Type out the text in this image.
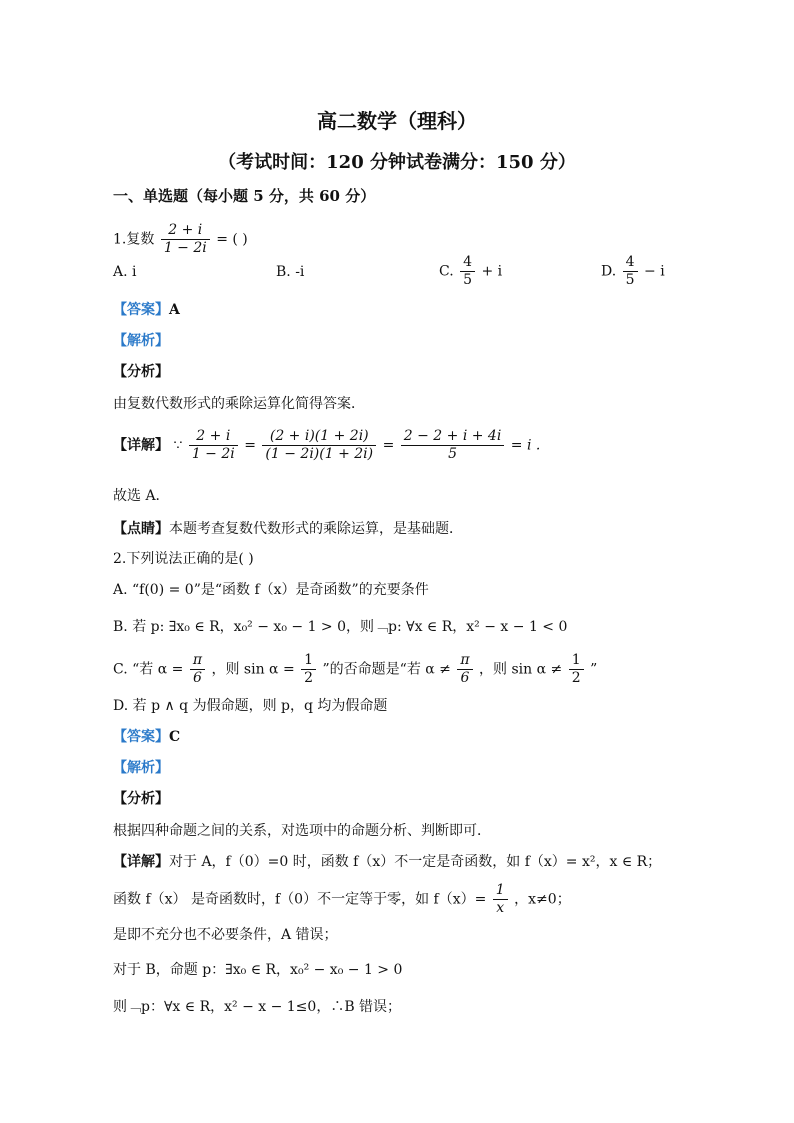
高二数学（理科）
（考试时间：120 分钟试卷满分：150 分）
一、单选题（每小题 5 分，共 60 分）
1.复数 $\frac{2 + i}{1 - 2i}$ = ( )
A. i	B. -i	C. $\frac{4}{5} + i$	D. $\frac{4}{5} - i$
【答案】A
【解析】
【分析】
由复数代数形式的乘除运算化简得答案．
【详解】 ∵ $\frac{2 + i}{1 - 2i} = \frac{(2 + i)(1 + 2i)}{(1 - 2i)(1 + 2i)} = \frac{2 - 2 + i + 4i}{5} = i$ .
故选 A．
【点睛】本题考查复数代数形式的乘除运算，是基础题．
2.下列说法正确的是( )
A. “f(0) = 0”是“函数 f（x）是奇函数”的充要条件
B. 若 p: ∃x₀ ∈ R，x₀² − x₀ − 1 > 0，则﹁p: ∀x ∈ R，x² − x − 1 < 0
C. “若 $\alpha = \frac{\pi}{6}$ ，则 $\sin \alpha = \frac{1}{2}$ ”的否命题是“若 $\alpha \ne \frac{\pi}{6}$ ，则 $\sin \alpha \ne \frac{1}{2}$ ”
D. 若 p ∧ q 为假命题，则 p，q 均为假命题
【答案】C
【解析】
【分析】
根据四种命题之间的关系，对选项中的命题分析、判断即可．
【详解】对于 A，f（0）=0 时，函数 f（x）不一定是奇函数，如 f（x）= x²，x ∈ R；
函数 f（x） 是奇函数时，f（0）不一定等于零，如 $f(x)= \frac{1}{x}$ ，x≠0；
是即不充分也不必要条件，A 错误；
对于 B，命题 p：∃x₀ ∈ R，x₀² − x₀ − 1 > 0
则﹁p：∀x ∈ R，x² − x − 1≤0，∴B 错误；
